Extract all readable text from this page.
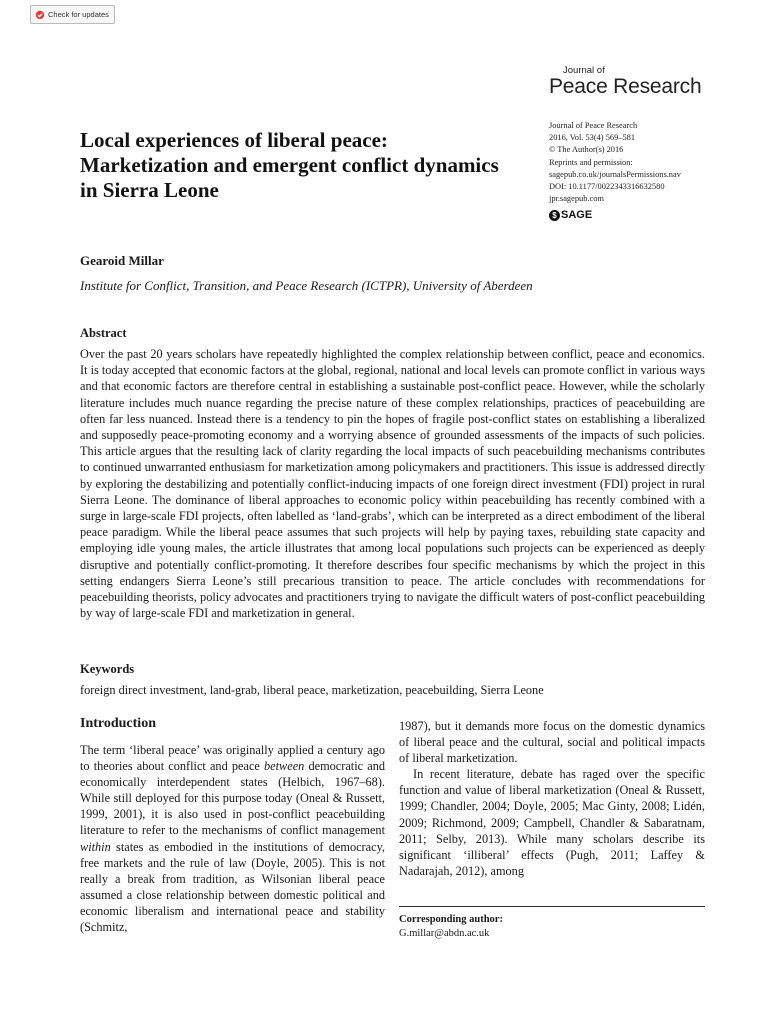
Check for updates
Journal of
Peace Research
Journal of Peace Research
2016, Vol. 53(4) 569–581
© The Author(s) 2016
Reprints and permission:
sagepub.co.uk/journalsPermissions.nav
DOI: 10.1177/0022343316632580
jpr.sagepub.com
$ SAGE
Local experiences of liberal peace: Marketization and emergent conflict dynamics in Sierra Leone
Gearoid Millar
Institute for Conflict, Transition, and Peace Research (ICTPR), University of Aberdeen
Abstract
Over the past 20 years scholars have repeatedly highlighted the complex relationship between conflict, peace and economics. It is today accepted that economic factors at the global, regional, national and local levels can promote conflict in various ways and that economic factors are therefore central in establishing a sustainable post-conflict peace. However, while the scholarly literature includes much nuance regarding the precise nature of these complex relationships, practices of peacebuilding are often far less nuanced. Instead there is a tendency to pin the hopes of fragile post-conflict states on establishing a liberalized and supposedly peace-promoting economy and a worrying absence of grounded assessments of the impacts of such policies. This article argues that the resulting lack of clarity regarding the local impacts of such peacebuilding mechanisms contributes to continued unwarranted enthusiasm for marketization among policymakers and practitioners. This issue is addressed directly by exploring the destabilizing and potentially conflict-inducing impacts of one foreign direct investment (FDI) project in rural Sierra Leone. The dominance of liberal approaches to economic policy within peacebuilding has recently combined with a surge in large-scale FDI projects, often labelled as ‘land-grabs’, which can be interpreted as a direct embodiment of the liberal peace paradigm. While the liberal peace assumes that such projects will help by paying taxes, rebuilding state capacity and employing idle young males, the article illustrates that among local populations such projects can be experienced as deeply disruptive and potentially conflict-promoting. It therefore describes four specific mechanisms by which the project in this setting endangers Sierra Leone’s still precarious transition to peace. The article concludes with recommendations for peacebuilding theorists, policy advocates and practitioners trying to navigate the difficult waters of post-conflict peacebuilding by way of large-scale FDI and marketization in general.
Keywords
foreign direct investment, land-grab, liberal peace, marketization, peacebuilding, Sierra Leone
Introduction

The term ‘liberal peace’ was originally applied a century ago to theories about conflict and peace between democratic and economically interdependent states (Helbich, 1967–68). While still deployed for this purpose today (Oneal & Russett, 1999, 2001), it is also used in post-conflict peacebuilding literature to refer to the mechanisms of conflict management within states as embodied in the institutions of democracy, free markets and the rule of law (Doyle, 2005). This is not really a break from tradition, as Wilsonian liberal peace assumed a close relationship between domestic political and economic liberalism and international peace and stability (Schmitz,

1987), but it demands more focus on the domestic dynamics of liberal peace and the cultural, social and political impacts of liberal marketization.

In recent literature, debate has raged over the specific function and value of liberal marketization (Oneal & Russett, 1999; Chandler, 2004; Doyle, 2005; Mac Ginty, 2008; Lidén, 2009; Richmond, 2009; Campbell, Chandler & Sabaratnam, 2011; Selby, 2013). While many scholars describe its significant ‘illiberal’ effects (Pugh, 2011; Laffey & Nadarajah, 2012), among

Corresponding author:
G.millar@abdn.ac.uk
